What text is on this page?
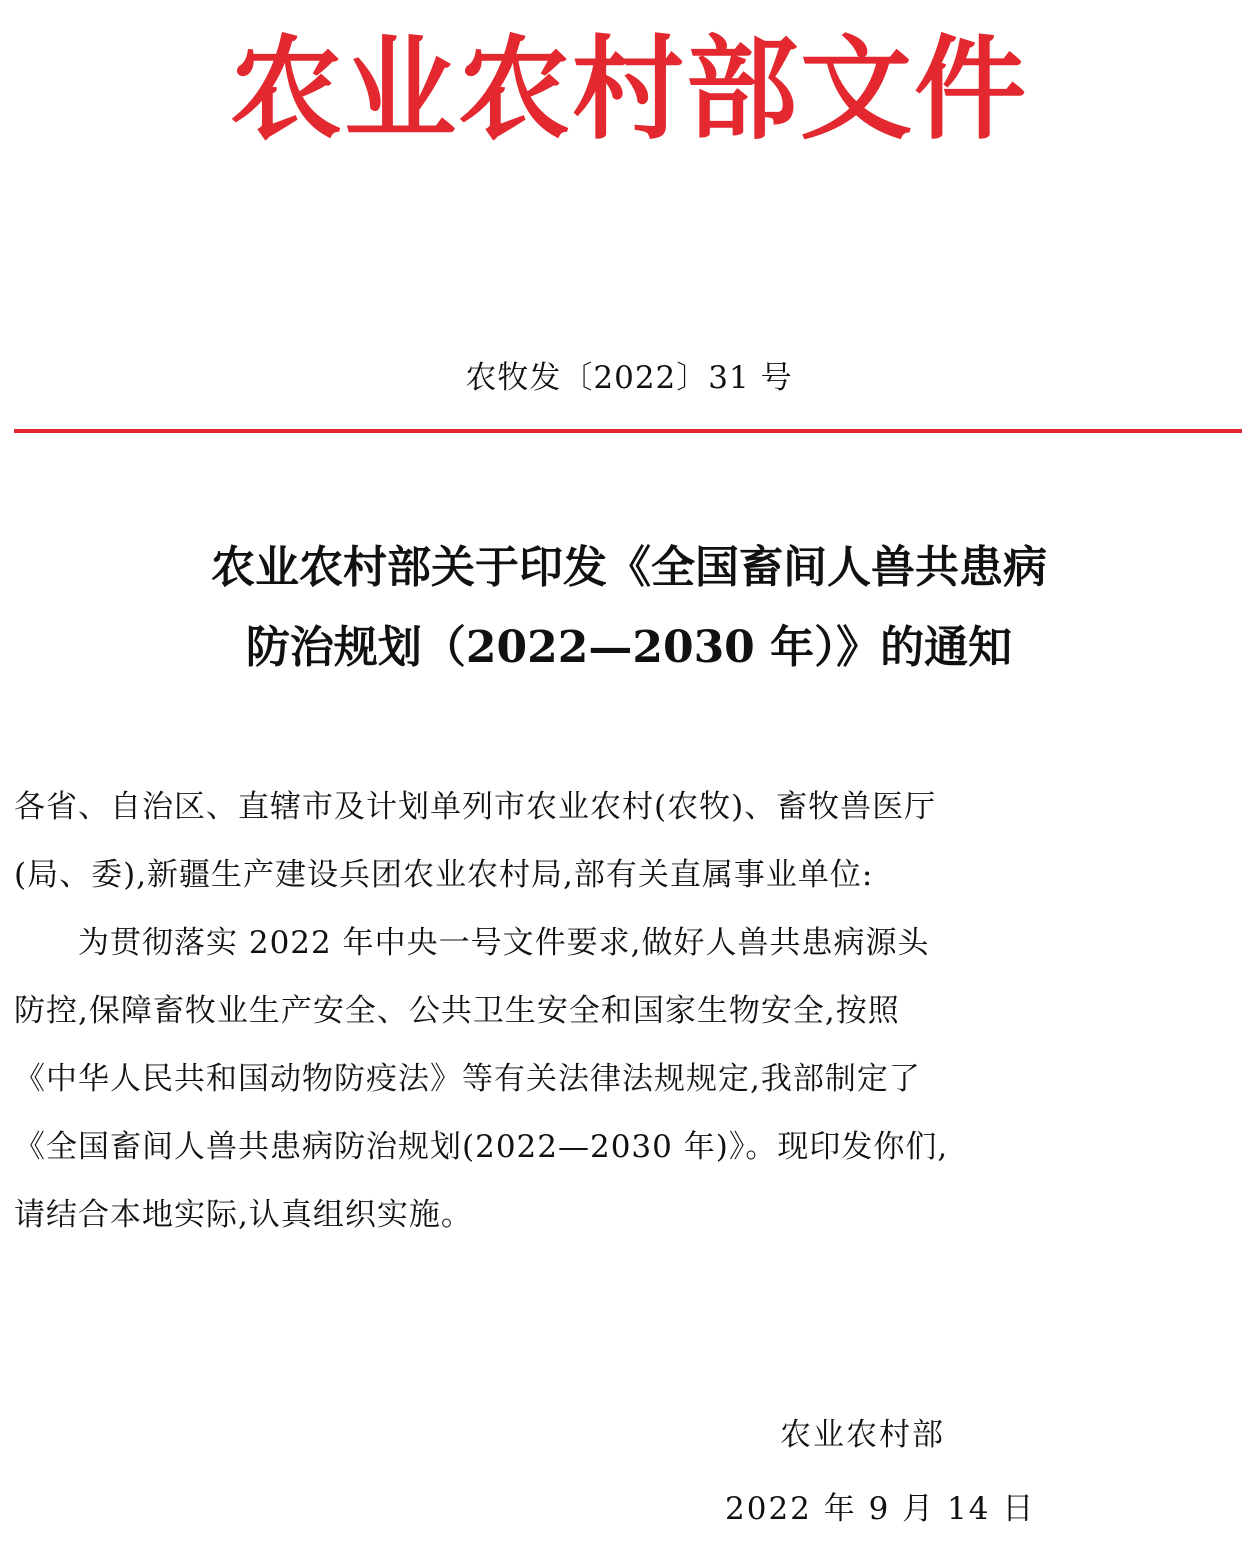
农业农村部文件
农牧发〔2022〕31 号
农业农村部关于印发《全国畜间人兽共患病
防治规划（2022—2030 年）》的通知
各省、自治区、直辖市及计划单列市农业农村(农牧)、畜牧兽医厅
(局、委),新疆生产建设兵团农业农村局,部有关直属事业单位:
为贯彻落实 2022 年中央一号文件要求,做好人兽共患病源头
防控,保障畜牧业生产安全、公共卫生安全和国家生物安全,按照
《中华人民共和国动物防疫法》等有关法律法规规定,我部制定了
《全国畜间人兽共患病防治规划(2022—2030 年)》。现印发你们,
请结合本地实际,认真组织实施。
农业农村部
2022 年 9 月 14 日
